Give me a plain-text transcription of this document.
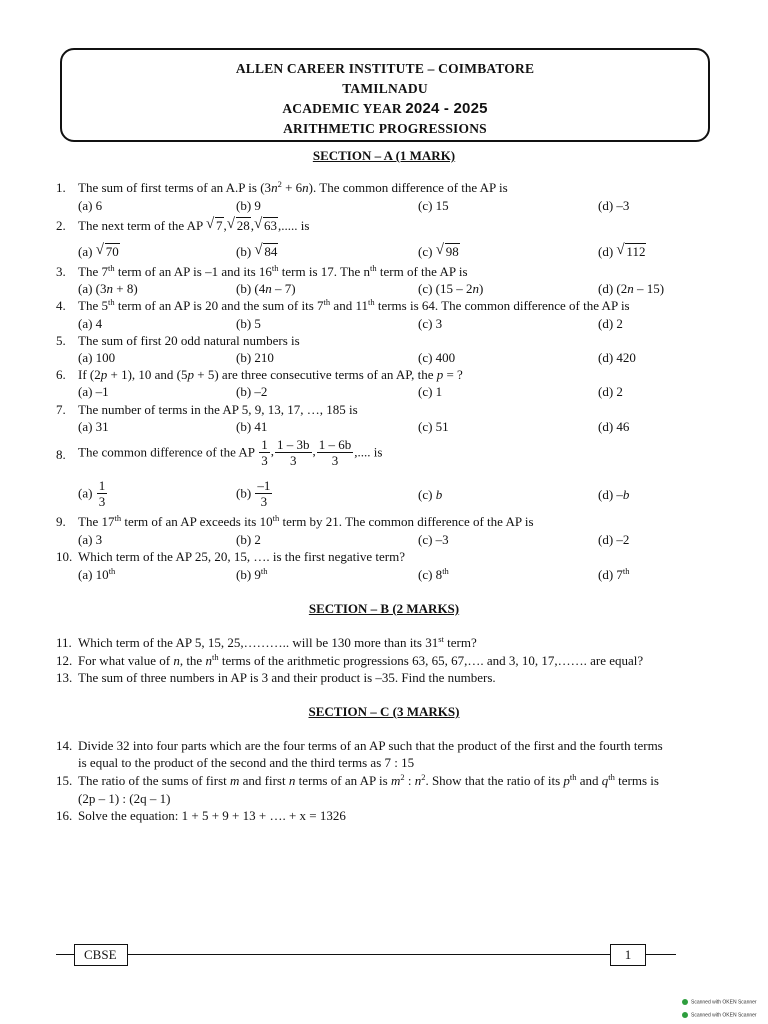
ALLEN CAREER INSTITUTE – COIMBATORE
TAMILNADU
ACADEMIC YEAR 2024 - 2025
ARITHMETIC PROGRESSIONS
SECTION – A (1 MARK)
1. The sum of first terms of an A.P is $(3n^2 + 6n)$. The common difference of the AP is
(a) 6	(b) 9	(c) 15	(d) –3
2. The next term of the AP √ 7, √ 28, √ 63,..... is
(a) √ 70	(b) √ 84	(c) √ 98	(d) √ 112
3. The 7th term of an AP is –1 and its 16th term is 17. The $n^{th}$ term of the AP is
(a) (3n + 8)	(b) (4n – 7)	(c) (15 – 2n)	(d) (2n – 15)
4. The 5th term of an AP is 20 and the sum of its 7th and 11th terms is 64. The common difference of the AP is
(a) 4	(b) 5	(c) 3	(d) 2
5. The sum of first 20 odd natural numbers is
(a) 100	(b) 210	(c) 400	(d) 420
6. If (2p + 1), 10 and (5p + 5) are three consecutive terms of an AP, the p = ?
(a) –1	(b) –2	(c) 1	(d) 2
7. The number of terms in the AP 5, 9, 13, 17, …, 185 is
(a) 31	(b) 41	(c) 51	(d) 46
8. The common difference of the AP $\frac{1}{3}$ , $\frac{1 - 3b}{3}$ , $\frac{1 - 6b}{3}$ ,.... is
$(a) \frac{1}{3}$	$(b) \frac{-1}{3}$	(c) b	(d) –b
9. The 17th term of an AP exceeds its 10th term by 21. The common difference of the AP is
(a) 3	(b) 2	(c) –3	(d) –2
10. Which term of the AP 25, 20, 15, …. is the first negative term?
(a) 10th	(b) 9th	(c) 8th	(d) 7th
SECTION – B (2 MARKS)
11. Which term of the AP 5, 15, 25,……….. will be 130 more than its 31st term?
12. For what value of n, the $n^{th}$ terms of the arithmetic progressions 63, 65, 67,…. and 3, 10, 17,……. are equal?
13. The sum of three numbers in AP is 3 and their product is –35. Find the numbers.
SECTION – C (3 MARKS)
14. Divide 32 into four parts which are the four terms of an AP such that the product of the first and the fourth terms
is equal to the product of the second and the third terms as 7 : 15
15. The ratio of the sums of first m and first n terms of an AP is $m^2$ : $n^2$. Show that the ratio of its $p^{th}$ and $q^{th}$ terms is
(2p – 1) : (2q – 1)
16. Solve the equation: 1 + 5 + 9 + 13 + …. + x = 1326
CBSE	1
Scanned with OKEN Scanner
Scanned with OKEN Scanner
